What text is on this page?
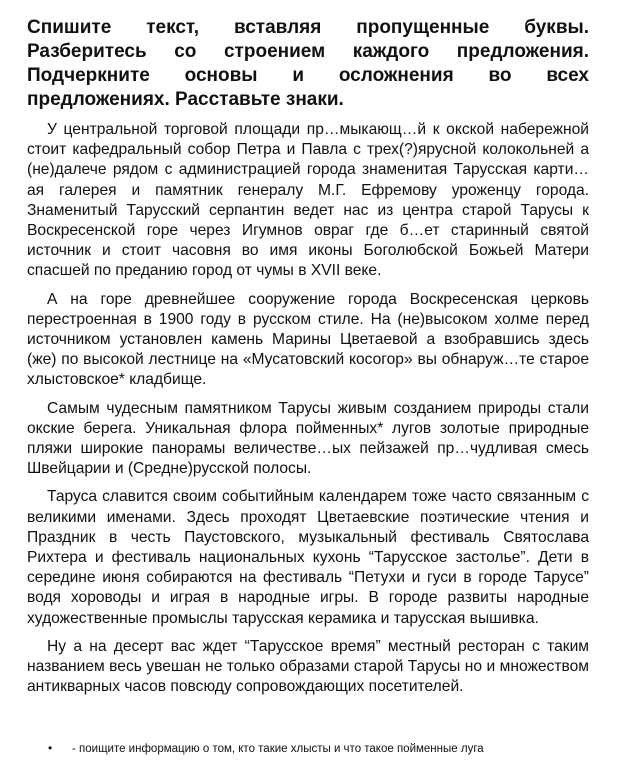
Спишите текст, вставляя пропущенные буквы. Разберитесь со строением каждого предложения. Подчеркните основы и осложнения во всех предложениях. Расставьте знаки.

У центральной торговой площади пр…мыкающ…й к окской набережной стоит кафедральный собор Петра и Павла с трех(?)ярусной колокольней а (не)далече рядом с администрацией города знаменитая Тарусская карти…ая галерея и памятник генералу М.Г. Ефремову уроженцу города. Знаменитый Тарусский серпантин ведет нас из центра старой Тарусы к Воскресенской горе через Игумнов овраг где б…ет старинный святой источник и стоит часовня во имя иконы Боголюбской Божьей Матери спасшей по преданию город от чумы в XVII веке.

А на горе древнейшее сооружение города Воскресенская церковь перестроенная в 1900 году в русском стиле. На (не)высоком холме перед источником установлен камень Марины Цветаевой а взобравшись здесь (же) по высокой лестнице на «Мусатовский косогор» вы обнаруж…те старое хлыстовское* кладбище.

Самым чудесным памятником Тарусы живым созданием природы стали окские берега. Уникальная флора пойменных* лугов золотые природные пляжи широкие панорамы величестве…ых пейзажей пр…чудливая смесь Швейцарии и (Средне)русской полосы.

Таруса славится своим событийным календарем тоже часто связанным с великими именами. Здесь проходят Цветаевские поэтические чтения и Праздник в честь Паустовского, музыкальный фестиваль Святослава Рихтера и фестиваль национальных кухонь “Тарусское застолье”. Дети в середине июня собираются на фестиваль “Петухи и гуси в городе Тарусе” водя хороводы и играя в народные игры. В городе развиты народные художественные промыслы тарусская керамика и тарусская вышивка.

Ну а на десерт вас ждет “Тарусское время” местный ресторан с таким названием весь увешан не только образами старой Тарусы но и множеством антикварных часов повсюду сопровождающих посетителей.

• - поищите информацию о том, кто такие хлысты и что такое пойменные луга
